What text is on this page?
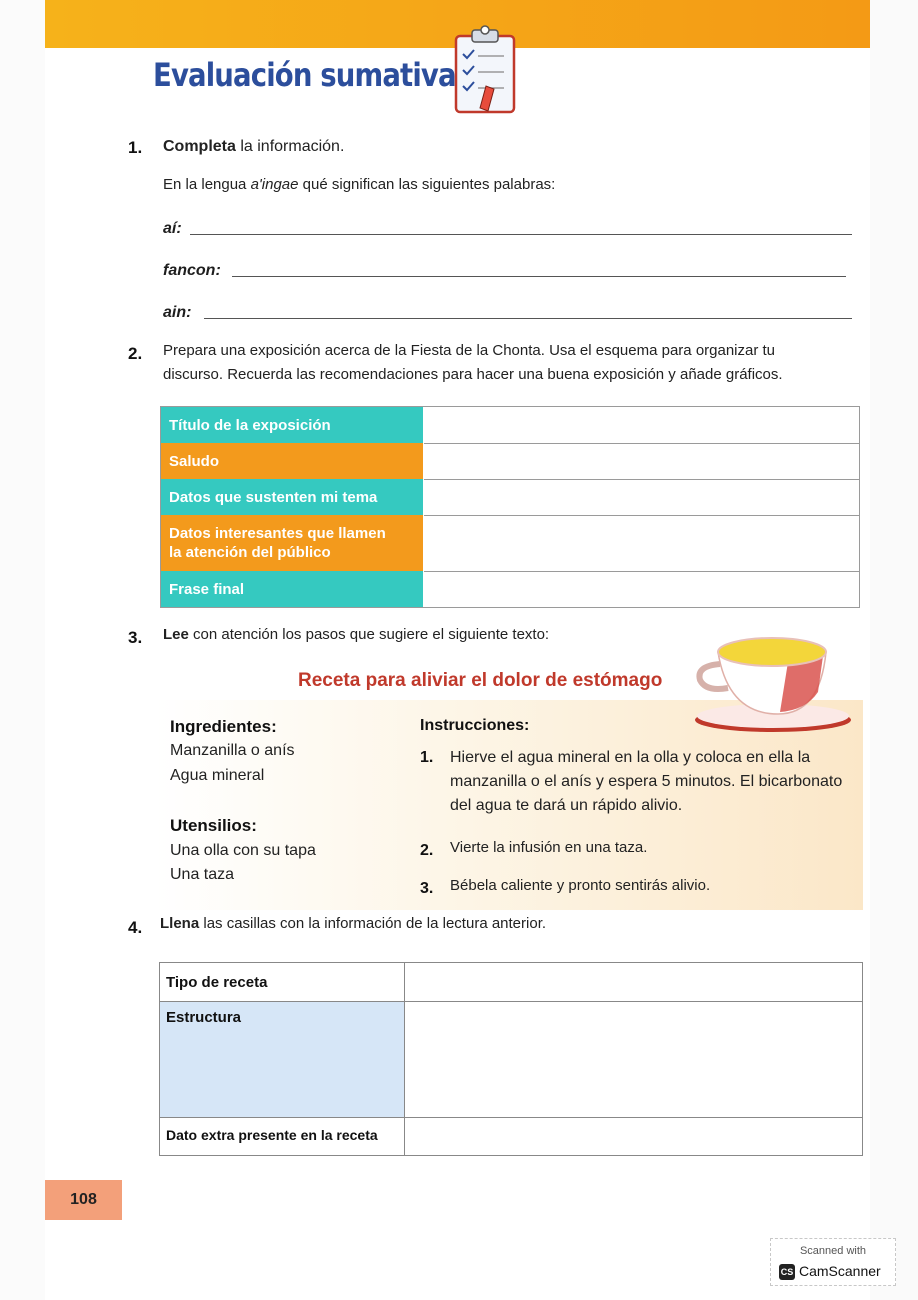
Evaluación sumativa
1. Completa la información.
En la lengua a'ingae qué significan las siguientes palabras:
aí:
fancon:
ain:
2. Prepara una exposición acerca de la Fiesta de la Chonta. Usa el esquema para organizar tu
discurso. Recuerda las recomendaciones para hacer una buena exposición y añade gráficos.
Título de la exposición
Saludo
Datos que sustenten mi tema
Datos interesantes que llamen
la atención del público
Frase final
3. Lee con atención los pasos que sugiere el siguiente texto:
Receta para aliviar el dolor de estómago
Ingredientes:
Manzanilla o anís
Agua mineral
Utensilios:
Una olla con su tapa
Una taza
Instrucciones:
1. Hierve el agua mineral en la olla y coloca en ella la manzanilla o el anís y espera 5 minutos. El bicarbonato del agua te dará un rápido alivio.
2. Vierte la infusión en una taza.
3. Bébela caliente y pronto sentirás alivio.
4. Llena las casillas con la información de la lectura anterior.
Tipo de receta
Estructura
Dato extra presente en la receta
108
Scanned with
CS CamScanner
